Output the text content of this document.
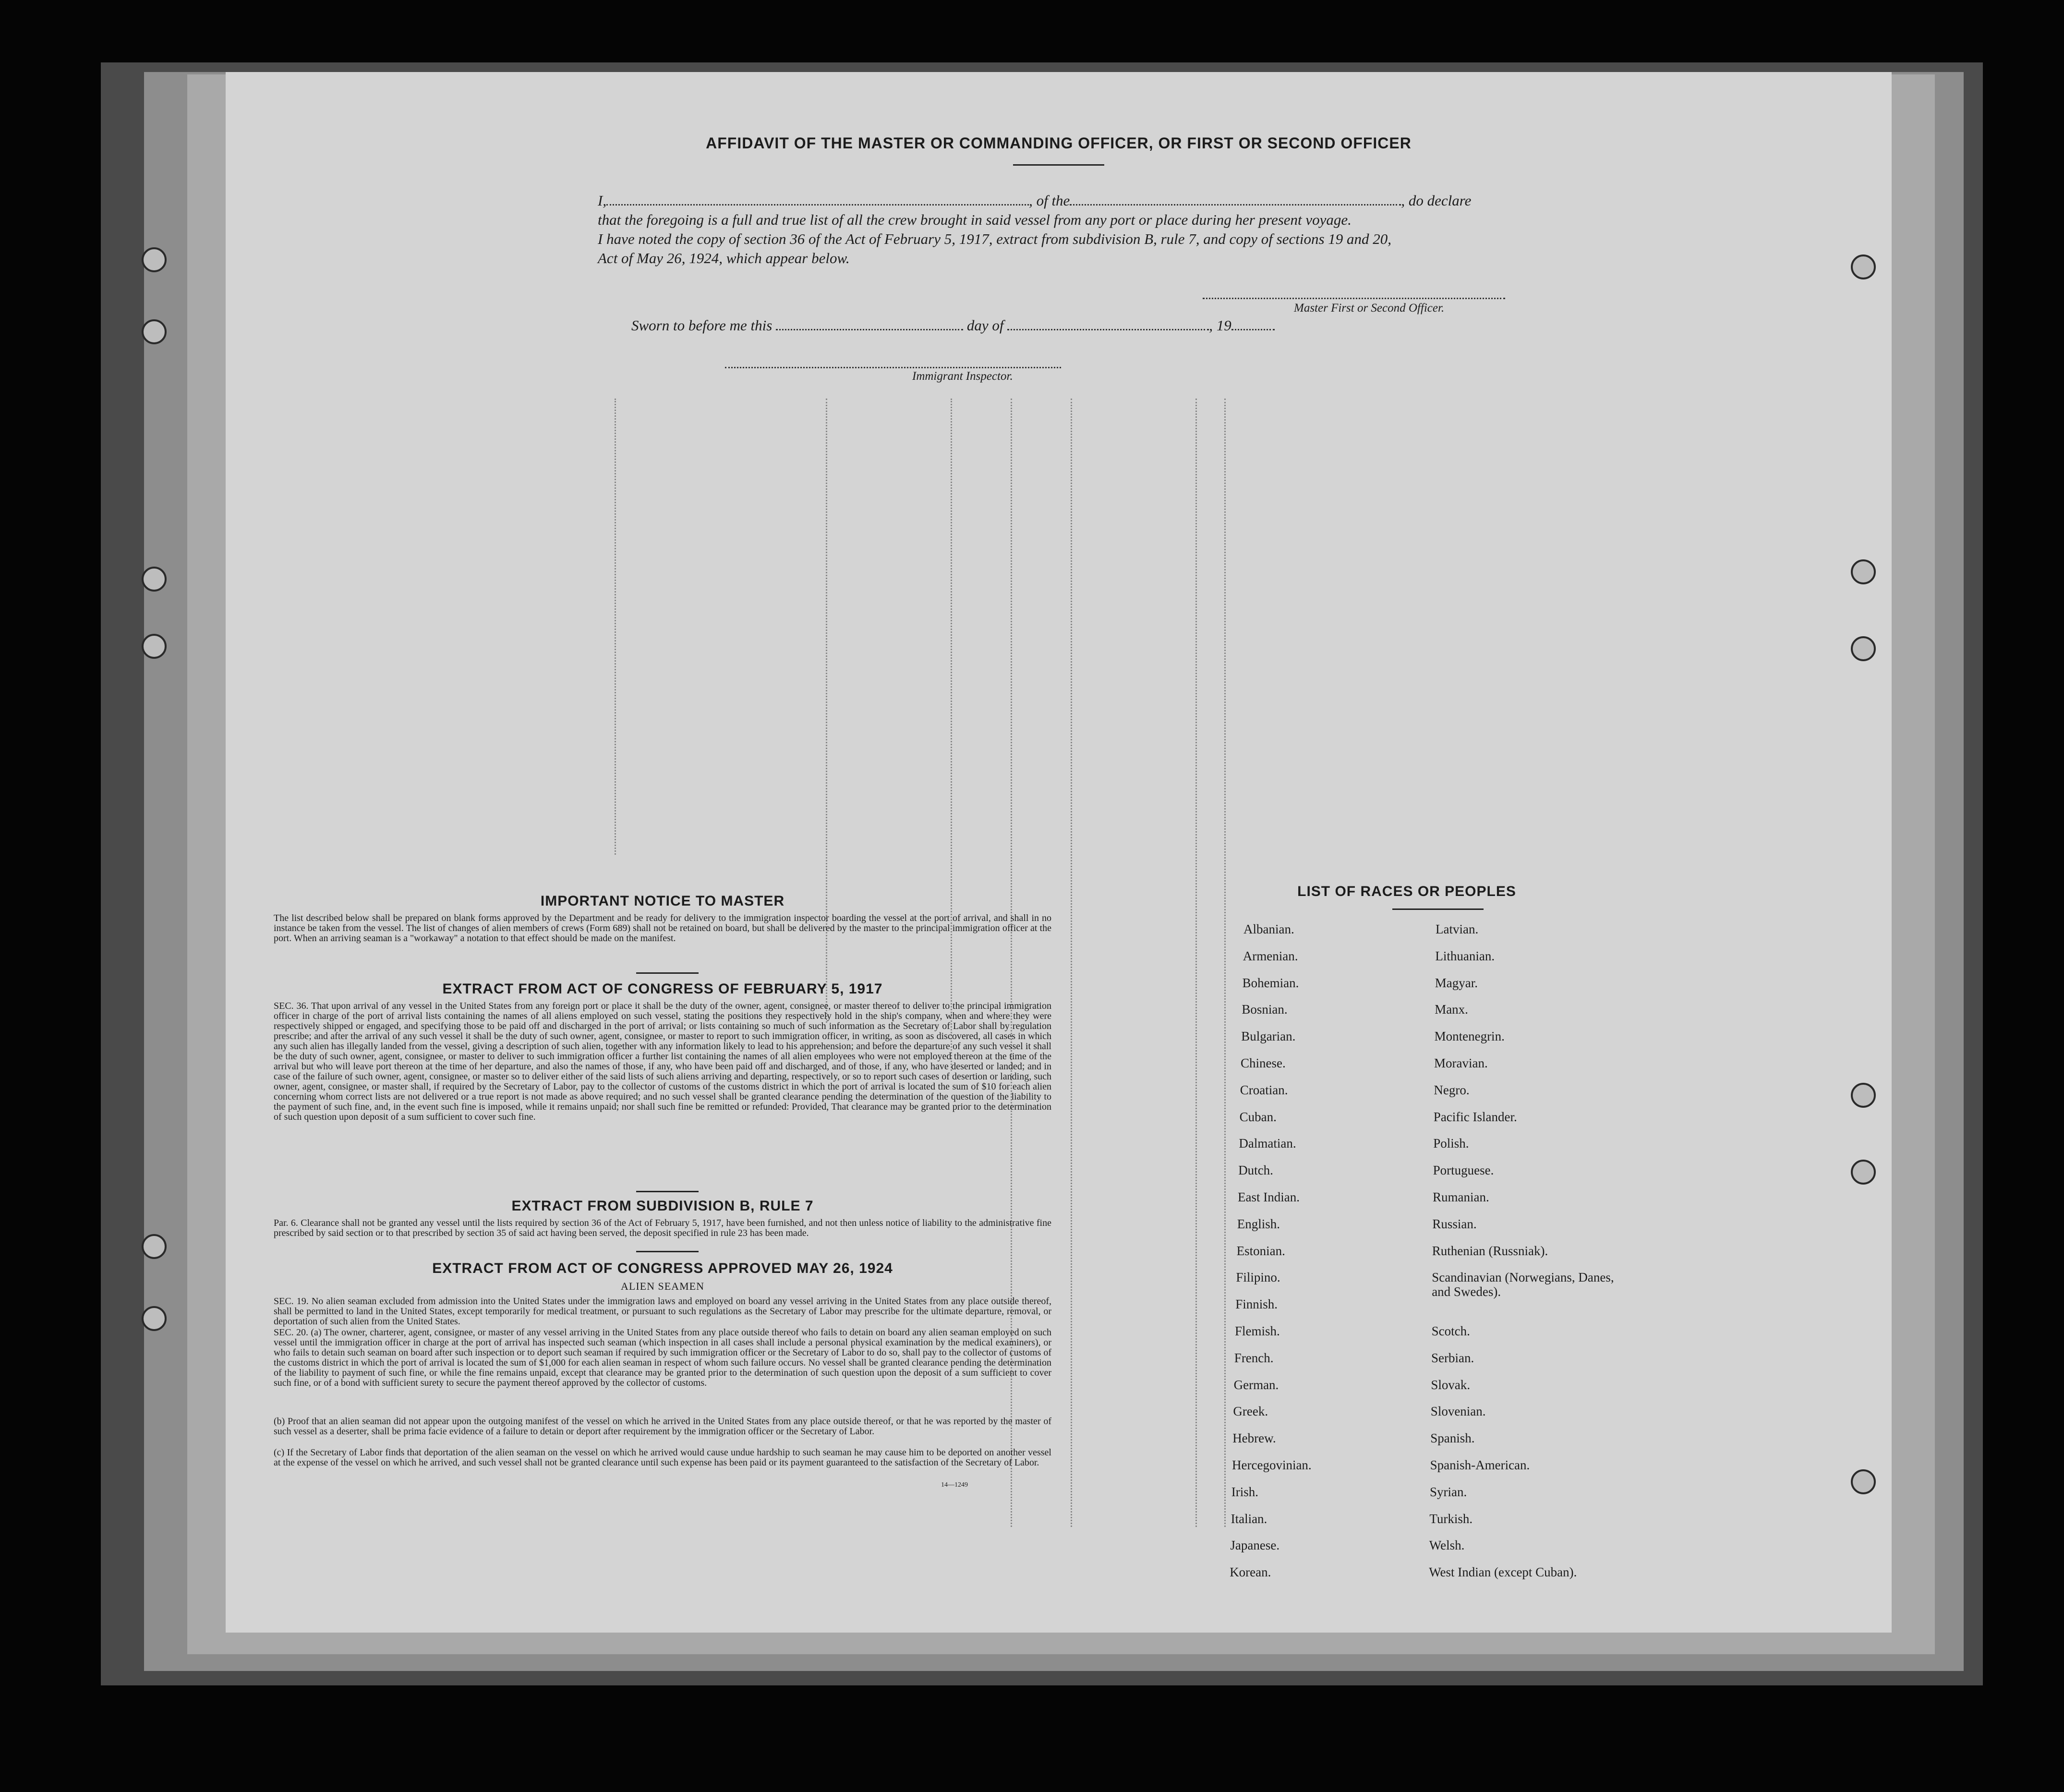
AFFIDAVIT OF THE MASTER OR COMMANDING OFFICER, OR FIRST OR SECOND OFFICER
I,	, of the	, do declare
that the foregoing is a full and true list of all the crew brought in said vessel from any port or place during her present voyage.
I have noted the copy of section 36 of the Act of February 5, 1917, extract from subdivision B, rule 7, and copy of sections 19 and 20,
Act of May 26, 1924, which appear below.
Master First or Second Officer.
Sworn to before me this	day of	, 19
Immigrant Inspector.
IMPORTANT NOTICE TO MASTER
The list described below shall be prepared on blank forms approved by the Department and be ready for delivery to the immigration inspector boarding the vessel at the port of arrival, and shall in no instance be taken from the vessel. The list of changes of alien members of crews (Form 689) shall not be retained on board, but shall be delivered by the master to the principal immigration officer at the port. When an arriving seaman is a "workaway" a notation to that effect should be made on the manifest.
EXTRACT FROM ACT OF CONGRESS OF FEBRUARY 5, 1917
SEC. 36. That upon arrival of any vessel in the United States from any foreign port or place it shall be the duty of the owner, agent, consignee, or master thereof to deliver to the principal immigration officer in charge of the port of arrival lists containing the names of all aliens employed on such vessel, stating the positions they respectively hold in the ship's company, when and where they were respectively shipped or engaged, and specifying those to be paid off and discharged in the port of arrival; or lists containing so much of such information as the Secretary of Labor shall by regulation prescribe; and after the arrival of any such vessel it shall be the duty of such owner, agent, consignee, or master to report to such immigration officer, in writing, as soon as discovered, all cases in which any such alien has illegally landed from the vessel, giving a description of such alien, together with any information likely to lead to his apprehension; and before the departure of any such vessel it shall be the duty of such owner, agent, consignee, or master to deliver to such immigration officer a further list containing the names of all alien employees who were not employed thereon at the time of the arrival but who will leave port thereon at the time of her departure, and also the names of those, if any, who have been paid off and discharged, and of those, if any, who have deserted or landed; and in case of the failure of such owner, agent, consignee, or master so to deliver either of the said lists of such aliens arriving and departing, respectively, or so to report such cases of desertion or landing, such owner, agent, consignee, or master shall, if required by the Secretary of Labor, pay to the collector of customs of the customs district in which the port of arrival is located the sum of $10 for each alien concerning whom correct lists are not delivered or a true report is not made as above required; and no such vessel shall be granted clearance pending the determination of the question of the liability to the payment of such fine, and, in the event such fine is imposed, while it remains unpaid; nor shall such fine be remitted or refunded: Provided, That clearance may be granted prior to the determination of such question upon deposit of a sum sufficient to cover such fine.
EXTRACT FROM SUBDIVISION B, RULE 7
Par. 6. Clearance shall not be granted any vessel until the lists required by section 36 of the Act of February 5, 1917, have been furnished, and not then unless notice of liability to the administrative fine prescribed by said section or to that prescribed by section 35 of said act having been served, the deposit specified in rule 23 has been made.
EXTRACT FROM ACT OF CONGRESS APPROVED MAY 26, 1924
ALIEN SEAMEN
SEC. 19. No alien seaman excluded from admission into the United States under the immigration laws and employed on board any vessel arriving in the United States from any place outside thereof, shall be permitted to land in the United States, except temporarily for medical treatment, or pursuant to such regulations as the Secretary of Labor may prescribe for the ultimate departure, removal, or deportation of such alien from the United States.
SEC. 20. (a) The owner, charterer, agent, consignee, or master of any vessel arriving in the United States from any place outside thereof who fails to detain on board any alien seaman employed on such vessel until the immigration officer in charge at the port of arrival has inspected such seaman (which inspection in all cases shall include a personal physical examination by the medical examiners), or who fails to detain such seaman on board after such inspection or to deport such seaman if required by such immigration officer or the Secretary of Labor to do so, shall pay to the collector of customs of the customs district in which the port of arrival is located the sum of $1,000 for each alien seaman in respect of whom such failure occurs. No vessel shall be granted clearance pending the determination of the liability to payment of such fine, or while the fine remains unpaid, except that clearance may be granted prior to the determination of such question upon the deposit of a sum sufficient to cover such fine, or of a bond with sufficient surety to secure the payment thereof approved by the collector of customs.
(b) Proof that an alien seaman did not appear upon the outgoing manifest of the vessel on which he arrived in the United States from any place outside thereof, or that he was reported by the master of such vessel as a deserter, shall be prima facie evidence of a failure to detain or deport after requirement by the immigration officer or the Secretary of Labor.
(c) If the Secretary of Labor finds that deportation of the alien seaman on the vessel on which he arrived would cause undue hardship to such seaman he may cause him to be deported on another vessel at the expense of the vessel on which he arrived, and such vessel shall not be granted clearance until such expense has been paid or its payment guaranteed to the satisfaction of the Secretary of Labor.
14—1249
LIST OF RACES OR PEOPLES
Albanian.
Armenian.
Bohemian.
Bosnian.
Bulgarian.
Chinese.
Croatian.
Cuban.
Dalmatian.
Dutch.
East Indian.
English.
Estonian.
Filipino.
Finnish.
Flemish.
French.
German.
Greek.
Hebrew.
Hercegovinian.
Irish.
Italian.
Japanese.
Korean.
Latvian.
Lithuanian.
Magyar.
Manx.
Montenegrin.
Moravian.
Negro.
Pacific Islander.
Polish.
Portuguese.
Rumanian.
Russian.
Ruthenian (Russniak).
Scandinavian (Norwegians, Danes, and Swedes).
Scotch.
Serbian.
Slovak.
Slovenian.
Spanish.
Spanish-American.
Syrian.
Turkish.
Welsh.
West Indian (except Cuban).
